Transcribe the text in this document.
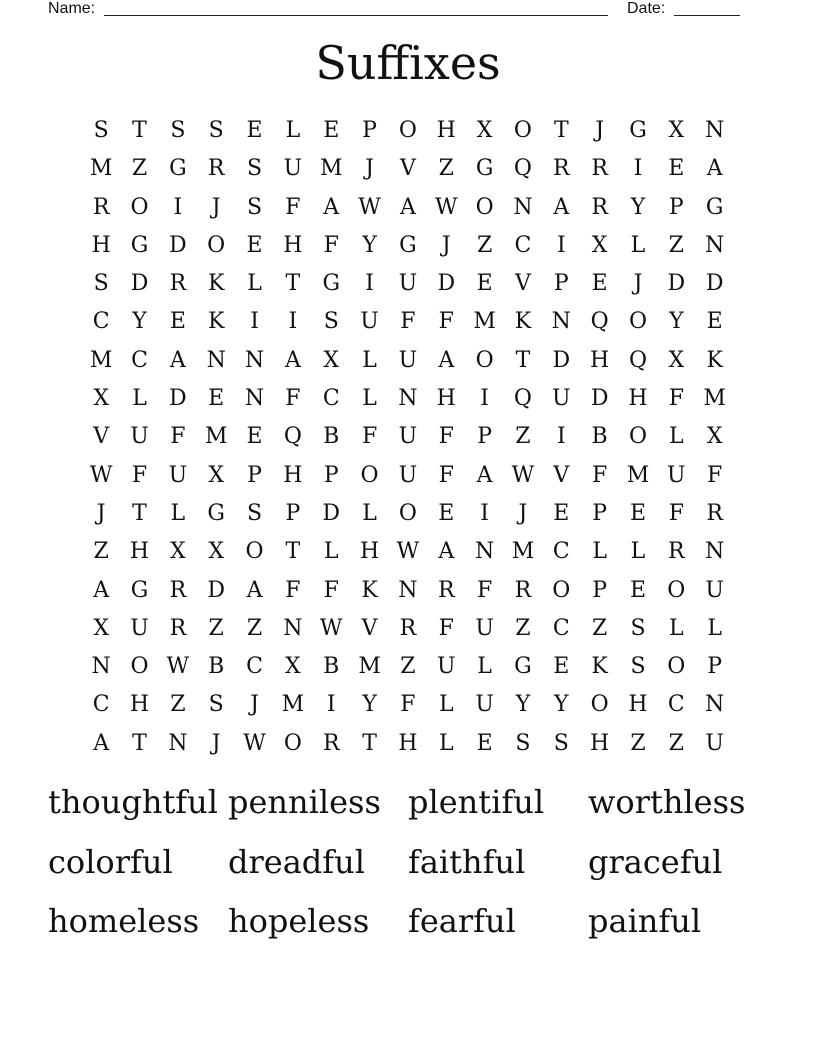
Name:	Date:
Suffixes
S	T	S	S	E	L	E	P O H X O T	J	G X N
M Z G R	S U M	J	V	Z G Q R R	I	E	A
R O	I	J	S	F	A W A W O N A	R	Y	P	G
H G D O E H F	Y	G	J	Z	C	I	X	L	Z N
S D R K	L	T	G	I	U D E	V	P	E	J	D D
C	Y	E	K	I	I	S U F	F M K N Q O	Y	E
M C A N N A	X	L U A O T	D H Q X	K
X	L	D E N F	C	L N H	I	Q U D H F M
V U F M E Q B	F U F	P	Z	I	B O	L	X
W F U X	P H P O U F	A W V	F M U F
J	T	L	G	S	P	D	L	O E	I	J	E	P	E	F	R
Z H X	X O T	L H W A N M C	L	L	R N
A G R D A	F	F	K N R	F	R O P	E O U
X U R	Z	Z N W V	R	F U Z	C	Z	S	L	L
N O W B C	X	B M Z U L	G E	K	S O P
C H Z	S	J	M	I	Y	F	L U Y	Y	O H C N
A	T N	J	W O R	T H L	E	S	S H Z	Z U
thoughtful penniless plentiful	worthless
colorful	dreadful	faithful	graceful
homeless hopeless	fearful	painful
